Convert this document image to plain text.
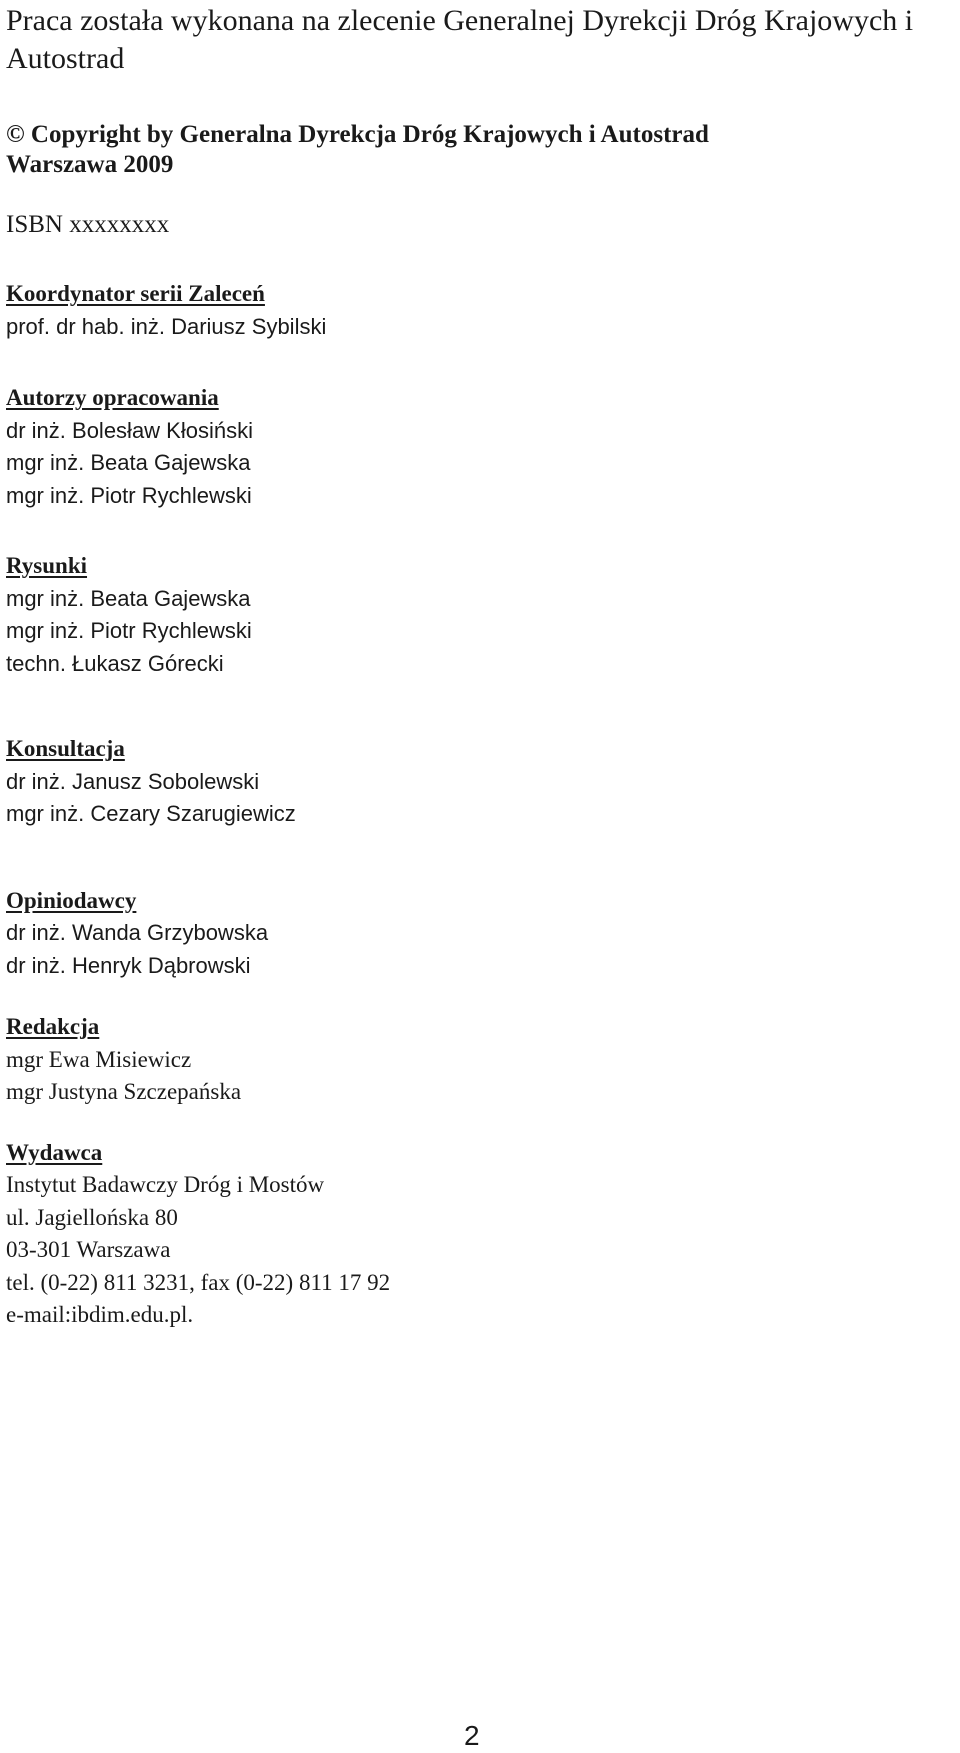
Praca została wykonana na zlecenie Generalnej Dyrekcji Dróg Krajowych i Autostrad
© Copyright by Generalna Dyrekcja Dróg Krajowych i Autostrad
Warszawa 2009
ISBN xxxxxxxx
Koordynator serii Zaleceń
prof. dr hab. inż. Dariusz Sybilski
Autorzy opracowania
dr inż. Bolesław Kłosiński
mgr inż. Beata Gajewska
mgr inż. Piotr Rychlewski
Rysunki
mgr inż. Beata Gajewska
mgr inż. Piotr Rychlewski
techn. Łukasz Górecki
Konsultacja
dr inż. Janusz Sobolewski
mgr inż. Cezary Szarugiewicz
Opiniodawcy
dr inż. Wanda Grzybowska
dr inż. Henryk Dąbrowski
Redakcja
mgr Ewa Misiewicz
mgr Justyna Szczepańska
Wydawca
Instytut Badawczy Dróg i Mostów
ul. Jagiellońska 80
03-301 Warszawa
tel. (0-22) 811 3231, fax (0-22) 811 17 92
e-mail:ibdim.edu.pl.
2
